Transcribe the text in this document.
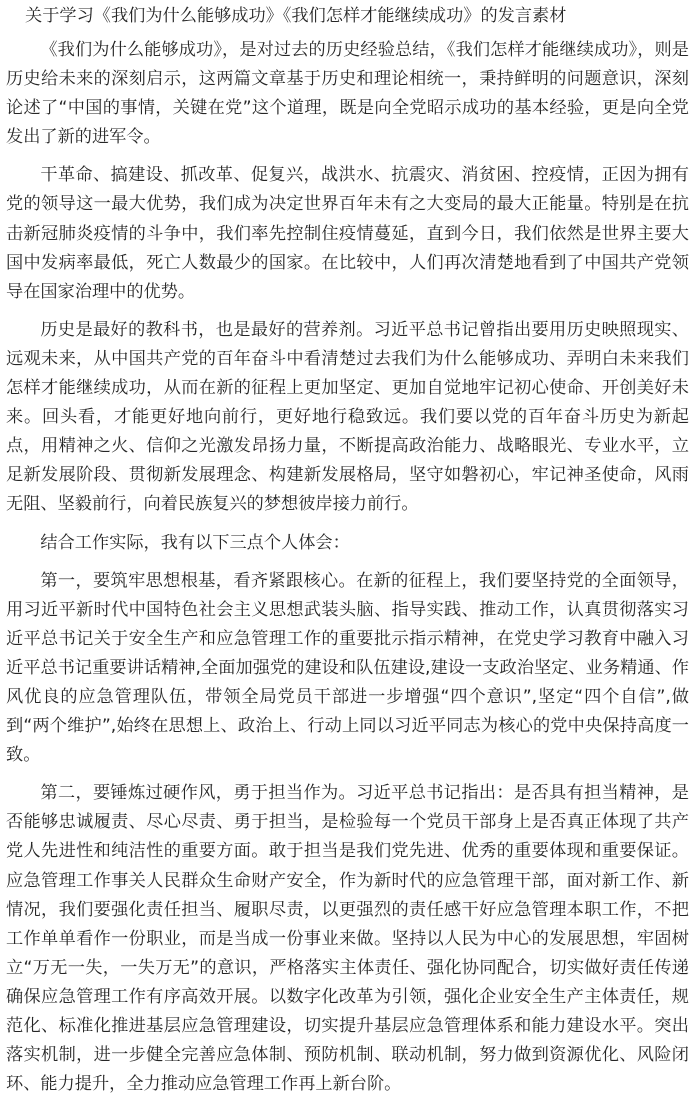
关于学习《我们为什么能够成功》《我们怎样才能继续成功》的发言素材

《我们为什么能够成功》，是对过去的历史经验总结，《我们怎样才能继续成功》，则是历史给未来的深刻启示，这两篇文章基于历史和理论相统一，秉持鲜明的问题意识，深刻论述了“中国的事情，关键在党”这个道理，既是向全党昭示成功的基本经验，更是向全党发出了新的进军令。

干革命、搞建设、抓改革、促复兴，战洪水、抗震灾、消贫困、控疫情，正因为拥有党的领导这一最大优势，我们成为决定世界百年未有之大变局的最大正能量。特别是在抗击新冠肺炎疫情的斗争中，我们率先控制住疫情蔓延，直到今日，我们依然是世界主要大国中发病率最低，死亡人数最少的国家。在比较中，人们再次清楚地看到了中国共产党领导在国家治理中的优势。

历史是最好的教科书，也是最好的营养剂。习近平总书记曾指出要用历史映照现实、远观未来，从中国共产党的百年奋斗中看清楚过去我们为什么能够成功、弄明白未来我们怎样才能继续成功，从而在新的征程上更加坚定、更加自觉地牢记初心使命、开创美好未来。回头看，才能更好地向前行，更好地行稳致远。我们要以党的百年奋斗历史为新起点，用精神之火、信仰之光激发昂扬力量，不断提高政治能力、战略眼光、专业水平，立足新发展阶段、贯彻新发展理念、构建新发展格局，坚守如磐初心，牢记神圣使命，风雨无阻、坚毅前行，向着民族复兴的梦想彼岸接力前行。

结合工作实际，我有以下三点个人体会：

第一，要筑牢思想根基，看齐紧跟核心。在新的征程上，我们要坚持党的全面领导，用习近平新时代中国特色社会主义思想武装头脑、指导实践、推动工作，认真贯彻落实习近平总书记关于安全生产和应急管理工作的重要批示指示精神，在党史学习教育中融入习近平总书记重要讲话精神,全面加强党的建设和队伍建设,建设一支政治坚定、业务精通、作风优良的应急管理队伍，带领全局党员干部进一步增强“四个意识”,坚定“四个自信”,做到“两个维护”,始终在思想上、政治上、行动上同以习近平同志为核心的党中央保持高度一致。

第二，要锤炼过硬作风，勇于担当作为。习近平总书记指出：是否具有担当精神，是否能够忠诚履责、尽心尽责、勇于担当，是检验每一个党员干部身上是否真正体现了共产党人先进性和纯洁性的重要方面。敢于担当是我们党先进、优秀的重要体现和重要保证。应急管理工作事关人民群众生命财产安全，作为新时代的应急管理干部，面对新工作、新情况，我们要强化责任担当、履职尽责，以更强烈的责任感干好应急管理本职工作，不把工作单单看作一份职业，而是当成一份事业来做。坚持以人民为中心的发展思想，牢固树立“万无一失，一失万无”的意识，严格落实主体责任、强化协同配合，切实做好责任传递确保应急管理工作有序高效开展。以数字化改革为引领，强化企业安全生产主体责任，规范化、标准化推进基层应急管理建设，切实提升基层应急管理体系和能力建设水平。突出落实机制，进一步健全完善应急体制、预防机制、联动机制，努力做到资源优化、风险闭环、能力提升，全力推动应急管理工作再上新台阶。
